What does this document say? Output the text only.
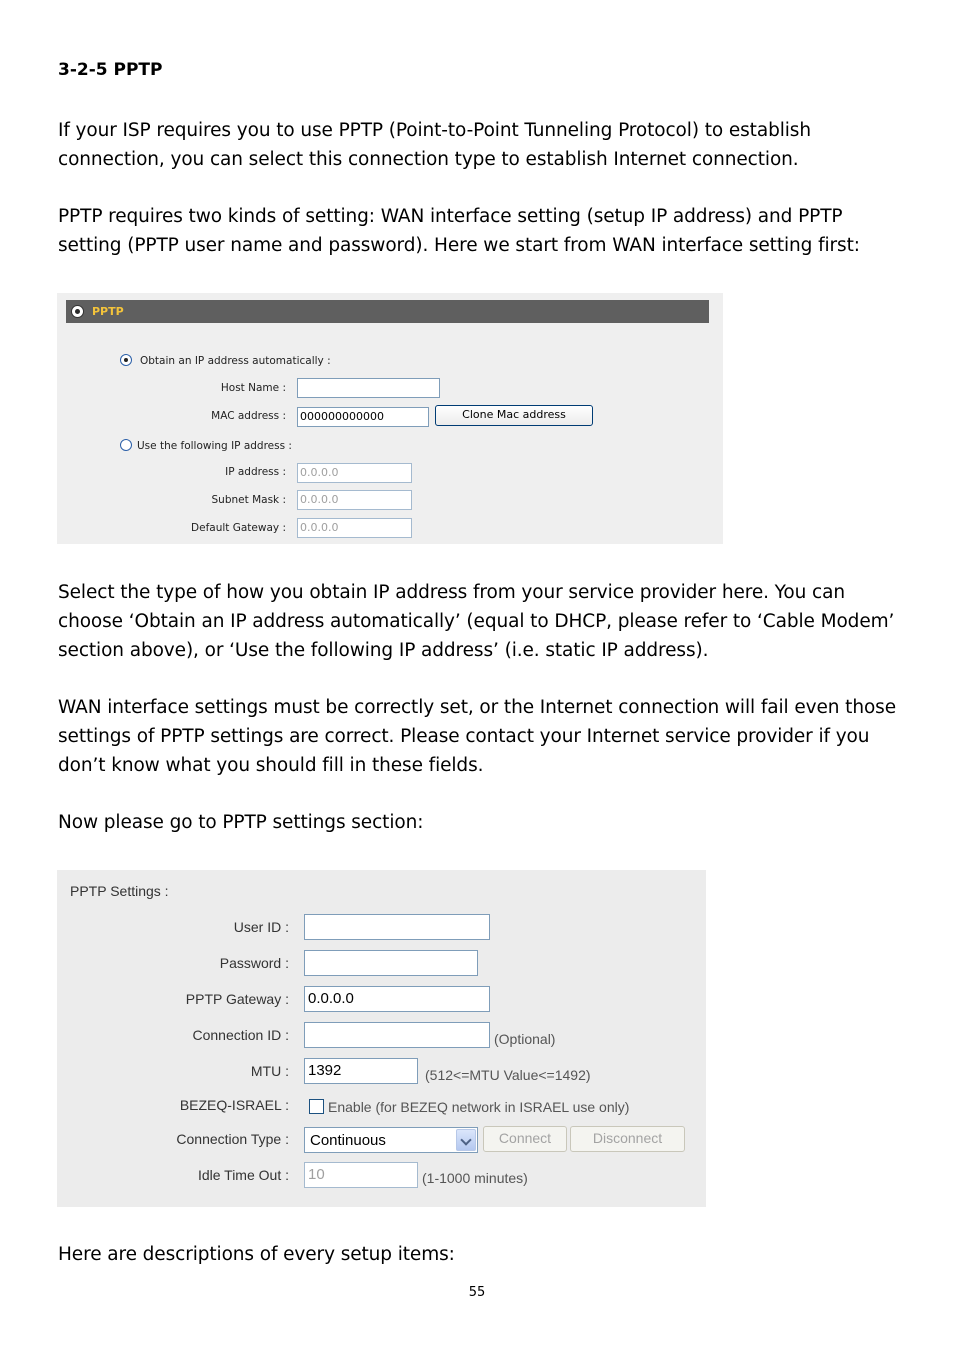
3-2-5 PPTP
If your ISP requires you to use PPTP (Point-to-Point Tunneling Protocol) to establish
connection, you can select this connection type to establish Internet connection.
PPTP requires two kinds of setting: WAN interface setting (setup IP address) and PPTP
setting (PPTP user name and password). Here we start from WAN interface setting first:
PPTP
Obtain an IP address automatically :
Host Name :
MAC address : 000000000000	Clone Mac address
Use the following IP address :
IP address : 0.0.0.0
Subnet Mask : 0.0.0.0
Default Gateway : 0.0.0.0
Select the type of how you obtain IP address from your service provider here. You can
choose ‘Obtain an IP address automatically’ (equal to DHCP, please refer to ‘Cable Modem’
section above), or ‘Use the following IP address’ (i.e. static IP address).
WAN interface settings must be correctly set, or the Internet connection will fail even those
settings of PPTP settings are correct. Please contact your Internet service provider if you
don’t know what you should fill in these fields.
Now please go to PPTP settings section:
PPTP Settings :
User ID :
Password :
PPTP Gateway : 0.0.0.0
Connection ID :	(Optional)
MTU : 1392	(512<=MTU Value<=1492)
BEZEQ-ISRAEL :	Enable (for BEZEQ network in ISRAEL use only)
Connection Type :	Continuous	Connect	Disconnect
Idle Time Out : 10	(1-1000 minutes)
Here are descriptions of every setup items:
55
